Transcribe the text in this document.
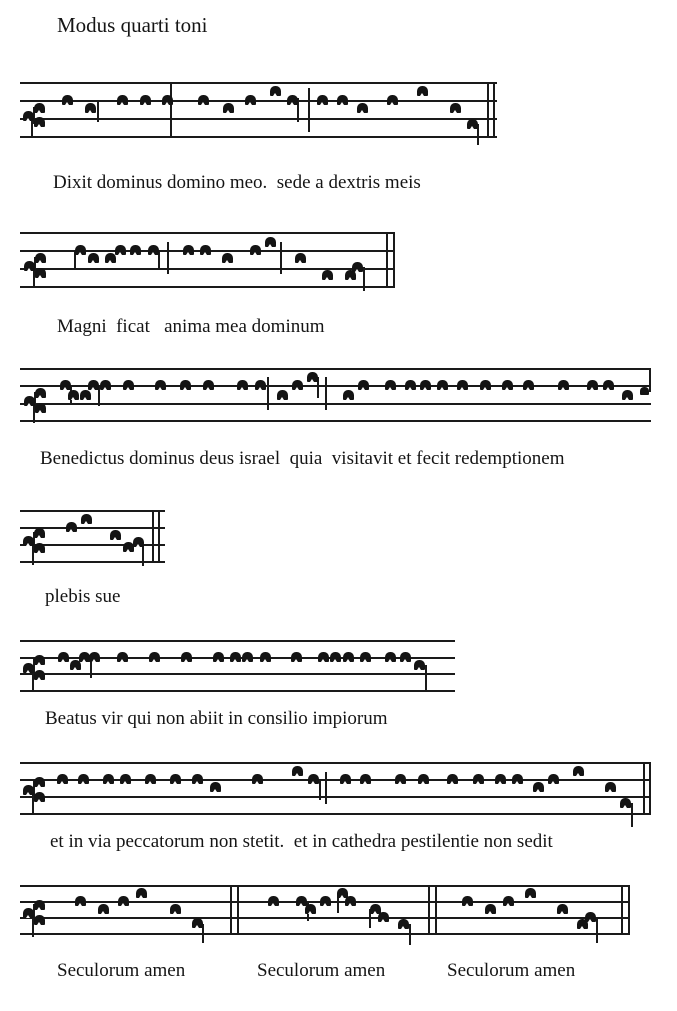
Modus quarti toni
Dixit dominus domino meo.  sede a dextris meis
Magni  ficat   anima mea dominum
Benedictus dominus deus israel  quia  visitavit et fecit redemptionem
plebis sue
Beatus vir qui non abiit in consilio impiorum
et in via peccatorum non stetit.  et in cathedra pestilentie non sedit
Seculorum amen	Seculorum amen	Seculorum amen
